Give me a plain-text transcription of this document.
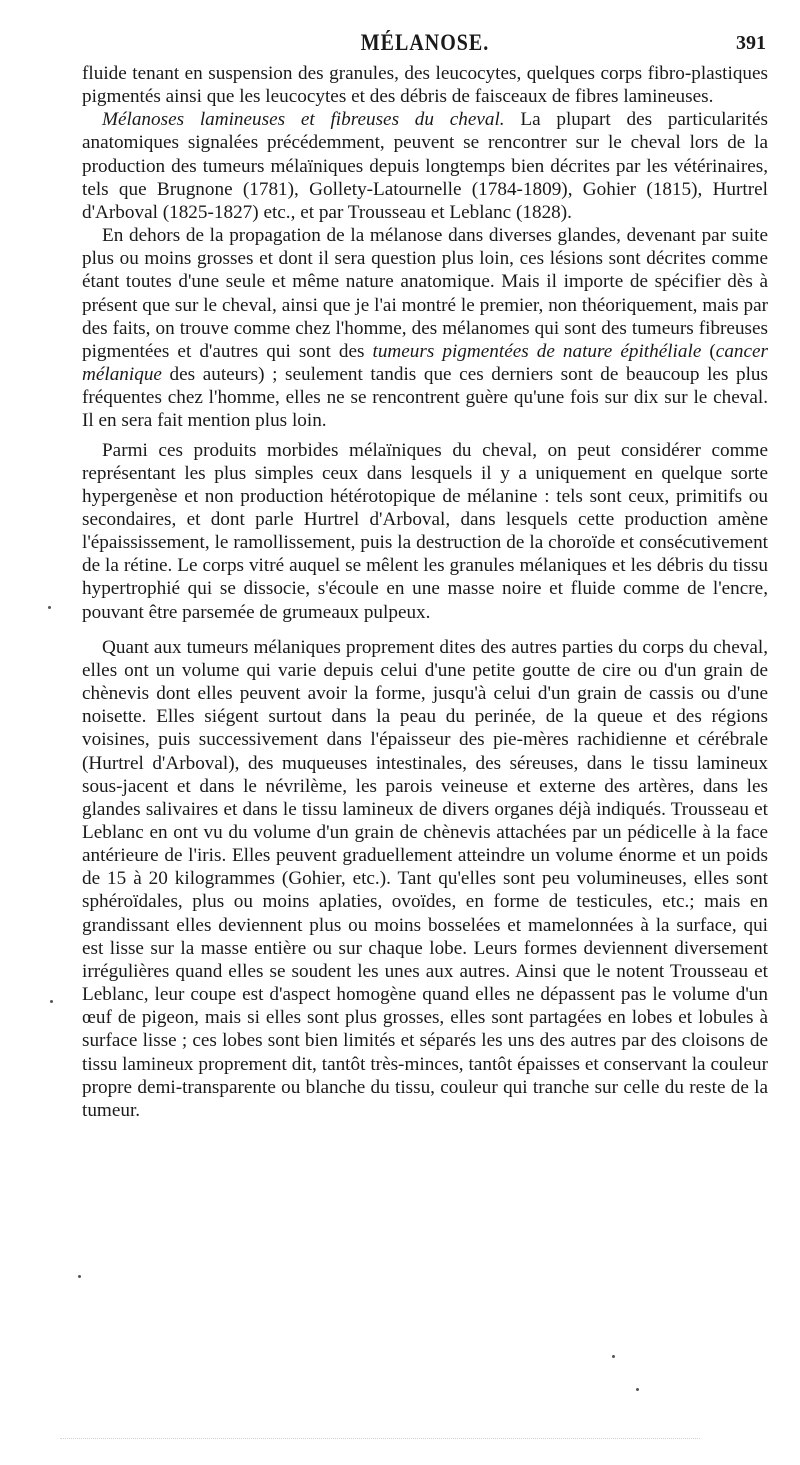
MÉLANOSE.	391

fluide tenant en suspension des granules, des leucocytes, quelques corps fibro-plastiques pigmentés ainsi que les leucocytes et des débris de faisceaux de fibres lamineuses.

Mélanoses lamineuses et fibreuses du cheval. La plupart des particularités anatomiques signalées précédemment, peuvent se rencontrer sur le cheval lors de la production des tumeurs mélaïniques depuis longtemps bien décrites par les vétérinaires, tels que Brugnone (1781), Gollety-Latournelle (1784-1809), Gohier (1815), Hurtrel d'Arboval (1825-1827) etc., et par Trousseau et Leblanc (1828).

En dehors de la propagation de la mélanose dans diverses glandes, devenant par suite plus ou moins grosses et dont il sera question plus loin, ces lésions sont décrites comme étant toutes d'une seule et même nature anatomique. Mais il importe de spécifier dès à présent que sur le cheval, ainsi que je l'ai montré le premier, non théoriquement, mais par des faits, on trouve comme chez l'homme, des mélanomes qui sont des tumeurs fibreuses pigmentées et d'autres qui sont des tumeurs pigmentées de nature épithéliale (cancer mélanique des auteurs) ; seulement tandis que ces derniers sont de beaucoup les plus fréquentes chez l'homme, elles ne se rencontrent guère qu'une fois sur dix sur le cheval. Il en sera fait mention plus loin.

Parmi ces produits morbides mélaïniques du cheval, on peut considérer comme représentant les plus simples ceux dans lesquels il y a uniquement en quelque sorte hypergenèse et non production hétérotopique de mélanine : tels sont ceux, primitifs ou secondaires, et dont parle Hurtrel d'Arboval, dans lesquels cette production amène l'épaississement, le ramollissement, puis la destruction de la choroïde et consécutivement de la rétine. Le corps vitré auquel se mêlent les granules mélaniques et les débris du tissu hypertrophié qui se dissocie, s'écoule en une masse noire et fluide comme de l'encre, pouvant être parsemée de grumeaux pulpeux.

Quant aux tumeurs mélaniques proprement dites des autres parties du corps du cheval, elles ont un volume qui varie depuis celui d'une petite goutte de cire ou d'un grain de chènevis dont elles peuvent avoir la forme, jusqu'à celui d'un grain de cassis ou d'une noisette. Elles siégent surtout dans la peau du perinée, de la queue et des régions voisines, puis successivement dans l'épaisseur des pie-mères rachidienne et cérébrale (Hurtrel d'Arboval), des muqueuses intestinales, des séreuses, dans le tissu lamineux sous-jacent et dans le névrilème, les parois veineuse et externe des artères, dans les glandes salivaires et dans le tissu lamineux de divers organes déjà indiqués. Trousseau et Leblanc en ont vu du volume d'un grain de chènevis attachées par un pédicelle à la face antérieure de l'iris. Elles peuvent graduellement atteindre un volume énorme et un poids de 15 à 20 kilogrammes (Gohier, etc.). Tant qu'elles sont peu volumineuses, elles sont sphéroïdales, plus ou moins aplaties, ovoïdes, en forme de testicules, etc.; mais en grandissant elles deviennent plus ou moins bosselées et mamelonnées à la surface, qui est lisse sur la masse entière ou sur chaque lobe. Leurs formes deviennent diversement irrégulières quand elles se soudent les unes aux autres. Ainsi que le notent Trousseau et Leblanc, leur coupe est d'aspect homogène quand elles ne dépassent pas le volume d'un œuf de pigeon, mais si elles sont plus grosses, elles sont partagées en lobes et lobules à surface lisse ; ces lobes sont bien limités et séparés les uns des autres par des cloisons de tissu lamineux proprement dit, tantôt très-minces, tantôt épaisses et conservant la couleur propre demi-transparente ou blanche du tissu, couleur qui tranche sur celle du reste de la tumeur.
